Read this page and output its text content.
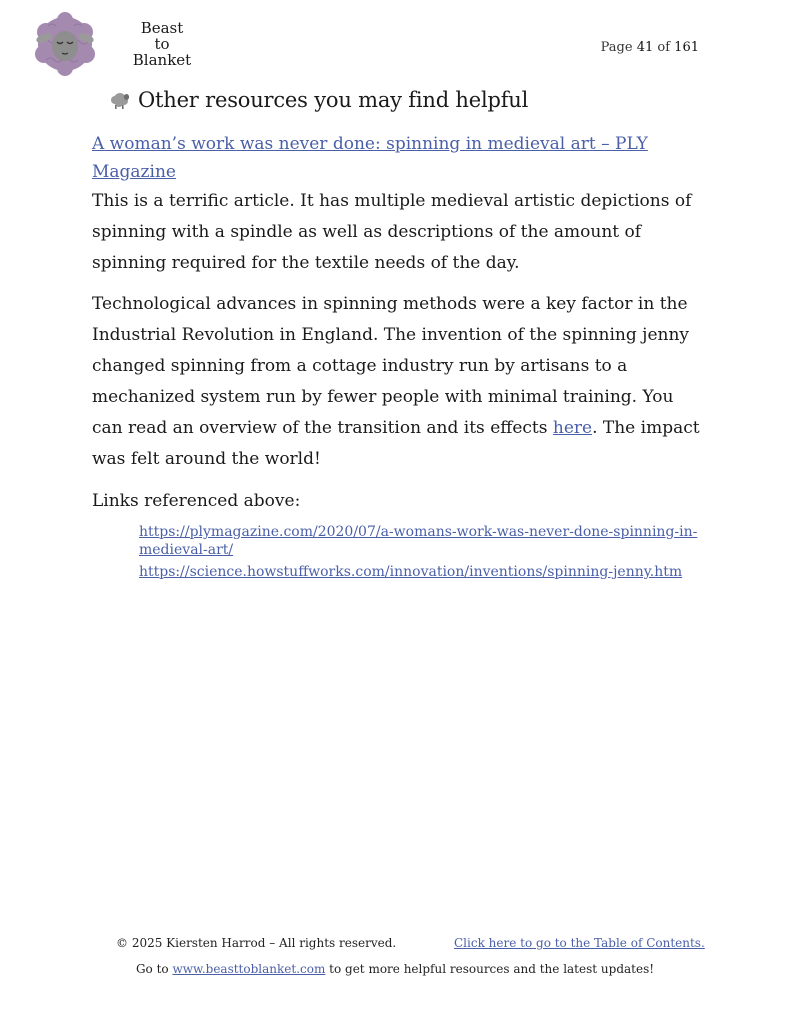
Beast
to
Blanket
Page 41 of 161
Other resources you may find helpful
A woman’s work was never done: spinning in medieval art – PLY Magazine

This is a terrific article. It has multiple medieval artistic depictions of spinning with a spindle as well as descriptions of the amount of spinning required for the textile needs of the day.

Technological advances in spinning methods were a key factor in the Industrial Revolution in England. The invention of the spinning jenny changed spinning from a cottage industry run by artisans to a mechanized system run by fewer people with minimal training. You can read an overview of the transition and its effects here. The impact was felt around the world!

Links referenced above:
https://plymagazine.com/2020/07/a-womans-work-was-never-done-spinning-in-medieval-art/
https://science.howstuffworks.com/innovation/inventions/spinning-jenny.htm
© 2025 Kiersten Harrod – All rights reserved.	Click here to go to the Table of Contents.
Go to www.beasttoblanket.com to get more helpful resources and the latest updates!
